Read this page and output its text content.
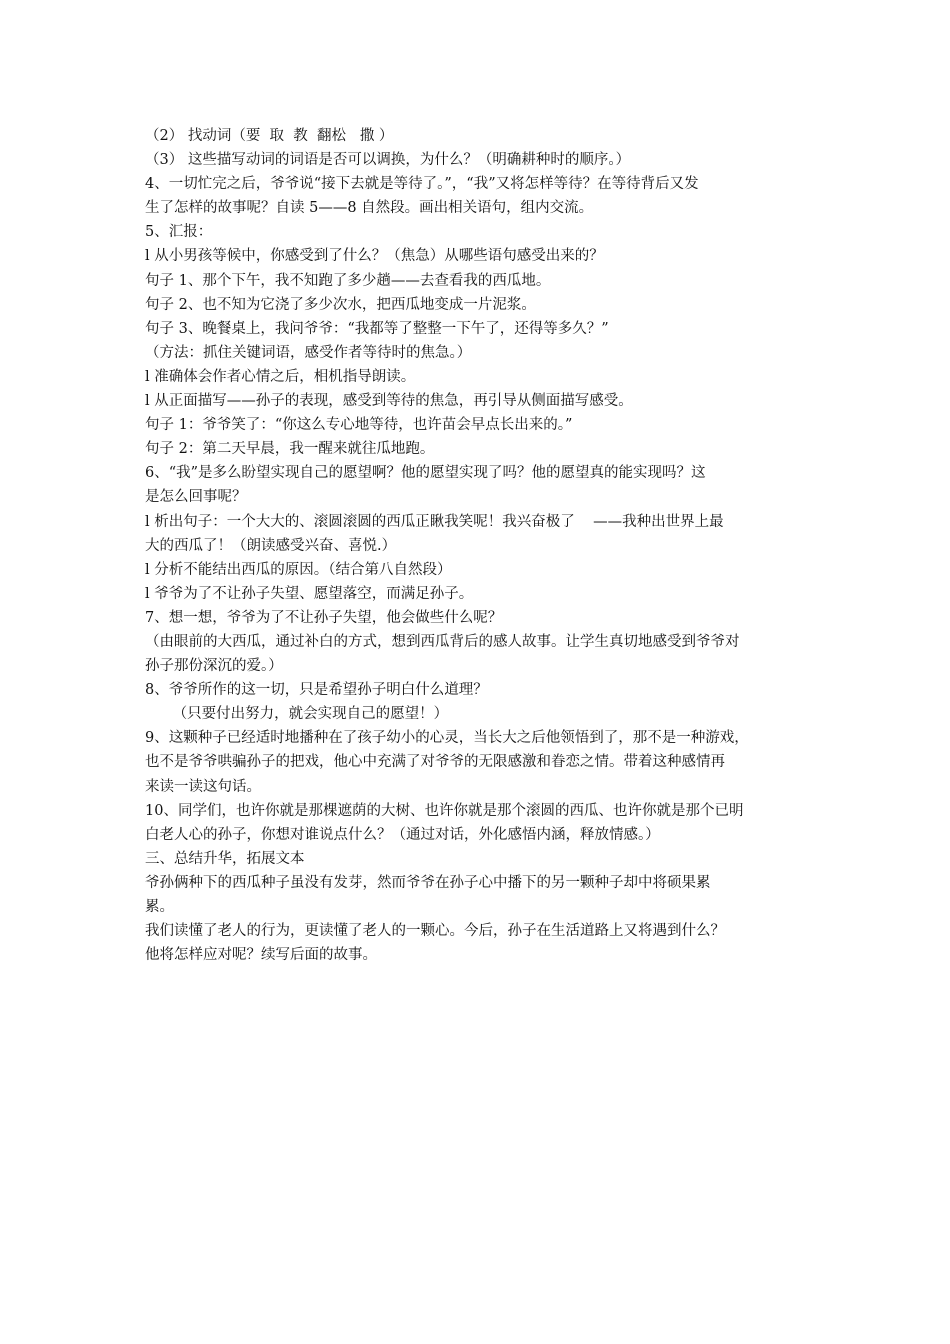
（2） 找动词（要  取  教  翻松   撒 ）
（3） 这些描写动词的词语是否可以调换，为什么？（明确耕种时的顺序。）
4、一切忙完之后，爷爷说“接下去就是等待了。”，“我”又将怎样等待？在等待背后又发
生了怎样的故事呢？自读 5——8 自然段。画出相关语句，组内交流。
5、汇报：
l 从小男孩等候中，你感受到了什么？（焦急）从哪些语句感受出来的？
句子 1、那个下午，我不知跑了多少趟——去查看我的西瓜地。
句子 2、也不知为它浇了多少次水，把西瓜地变成一片泥浆。
句子 3、晚餐桌上，我问爷爷：“我都等了整整一下午了，还得等多久？”
（方法：抓住关键词语，感受作者等待时的焦急。）
l 准确体会作者心情之后，相机指导朗读。
l 从正面描写——孙子的表现，感受到等待的焦急，再引导从侧面描写感受。
句子 1：爷爷笑了：“你这么专心地等待，也许苗会早点长出来的。”
句子 2：第二天早晨，我一醒来就往瓜地跑。
6、“我”是多么盼望实现自己的愿望啊？他的愿望实现了吗？他的愿望真的能实现吗？这
是怎么回事呢？
l 析出句子：一个大大的、滚圆滚圆的西瓜正瞅我笑呢！我兴奋极了    ——我种出世界上最
大的西瓜了！（朗读感受兴奋、喜悦.）
l 分析不能结出西瓜的原因。（结合第八自然段）
l 爷爷为了不让孙子失望、愿望落空，而满足孙子。
7、想一想，爷爷为了不让孙子失望，他会做些什么呢？
（由眼前的大西瓜，通过补白的方式，想到西瓜背后的感人故事。让学生真切地感受到爷爷对
孙子那份深沉的爱。）
8、爷爷所作的这一切，只是希望孙子明白什么道理？
（只要付出努力，就会实现自己的愿望！）
9、这颗种子已经适时地播种在了孩子幼小的心灵，当长大之后他领悟到了，那不是一种游戏，
也不是爷爷哄骗孙子的把戏，他心中充满了对爷爷的无限感激和眷恋之情。带着这种感情再
来读一读这句话。
10、同学们，也许你就是那棵遮荫的大树、也许你就是那个滚圆的西瓜、也许你就是那个已明
白老人心的孙子，你想对谁说点什么？（通过对话，外化感悟内涵，释放情感。）
三、总结升华，拓展文本
爷孙俩种下的西瓜种子虽没有发芽，然而爷爷在孙子心中播下的另一颗种子却中将硕果累
累。
我们读懂了老人的行为，更读懂了老人的一颗心。今后，孙子在生活道路上又将遇到什么？
他将怎样应对呢？续写后面的故事。
